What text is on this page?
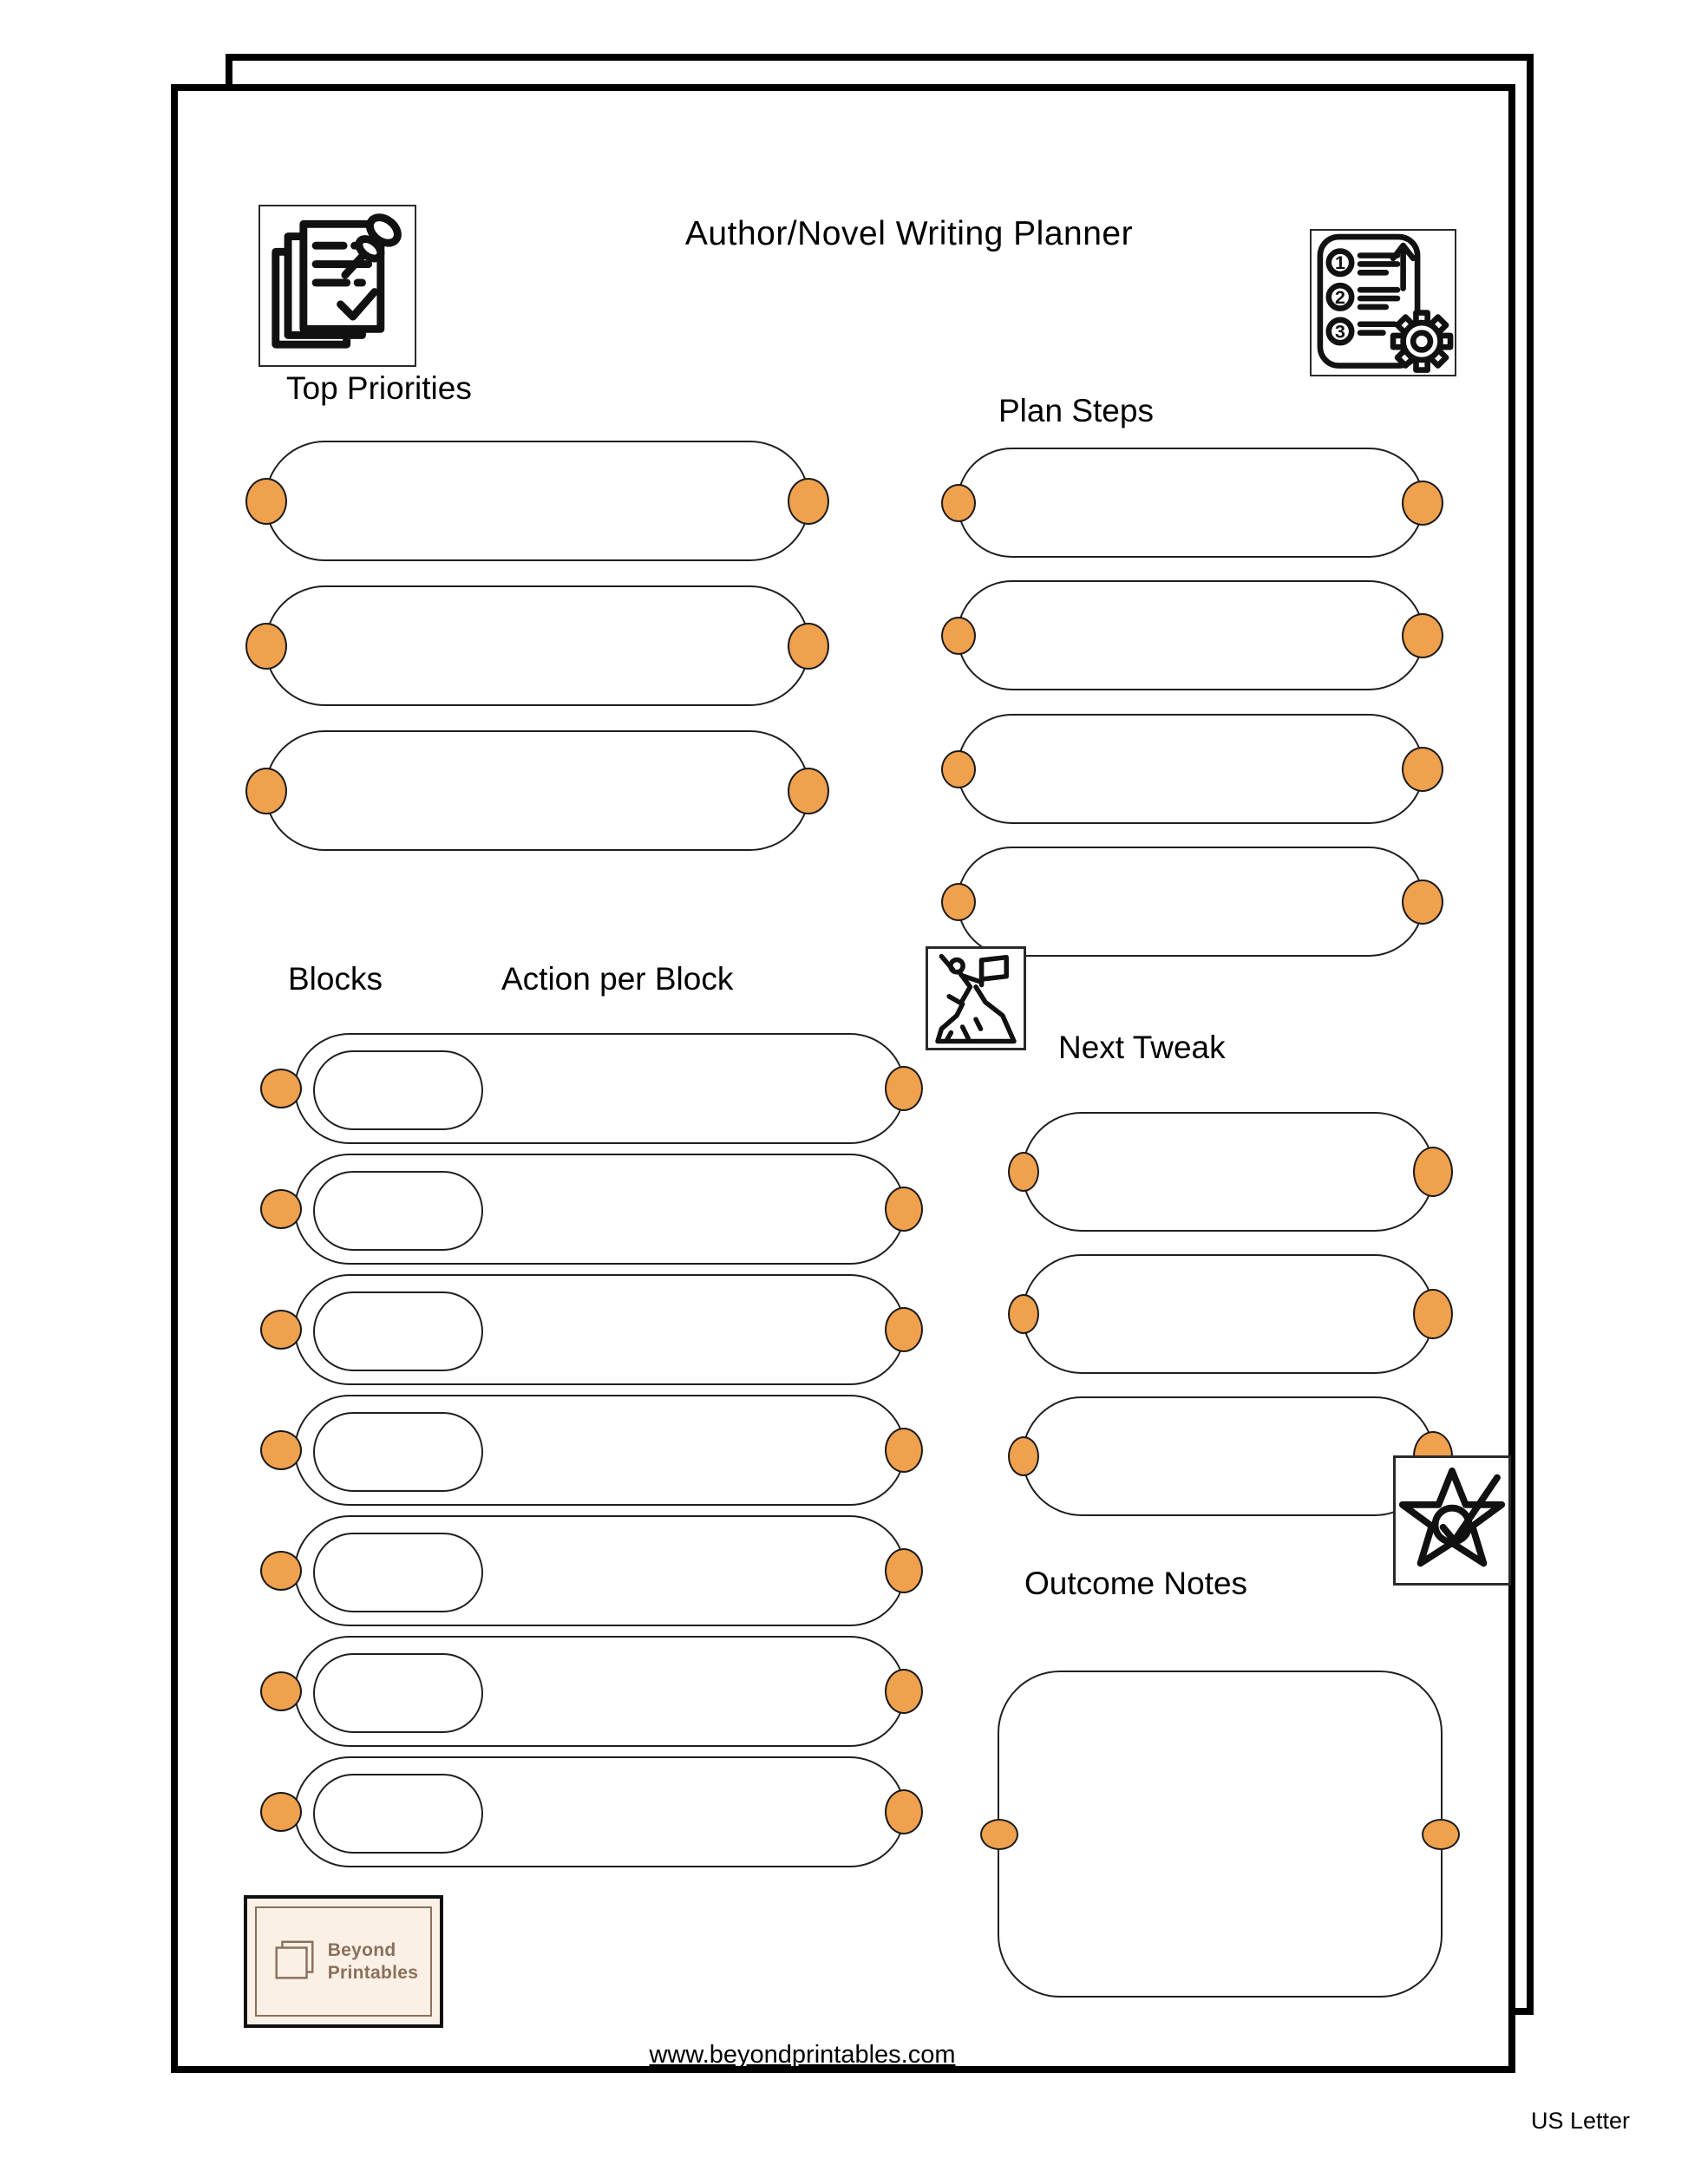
Author/Novel Writing Planner
1
2
3
Top Priorities
Plan Steps
Blocks	Action per Block
Next Tweak
Outcome Notes
Beyond
Printables
www.beyondprintables.com
US Letter
